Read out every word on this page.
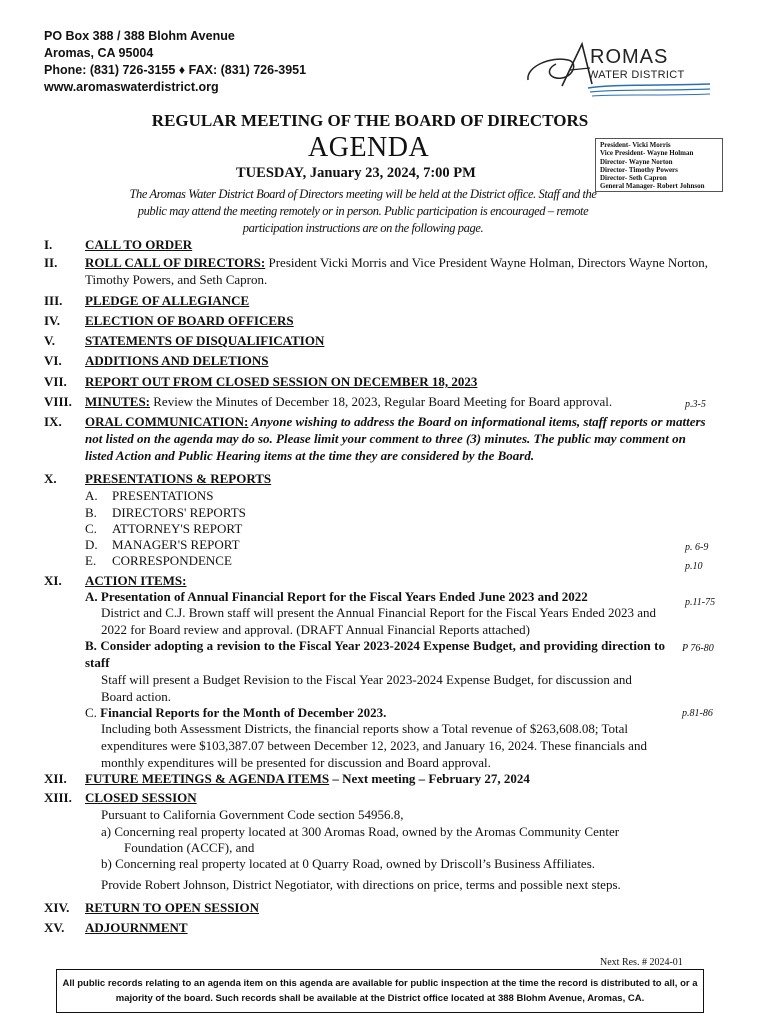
PO Box 388 / 388 Blohm Avenue
Aromas, CA 95004
Phone: (831) 726-3155 ♦ FAX: (831) 726-3951
www.aromaswaterdistrict.org
ROMAS
WATER DISTRICT
REGULAR MEETING OF THE BOARD OF DIRECTORS
AGENDA
TUESDAY, January 23, 2024, 7:00 PM
President- Vicki Morris
Vice President- Wayne Holman
Director- Wayne Norton
Director- Timothy Powers
Director- Seth Capron
General Manager- Robert Johnson
The Aromas Water District Board of Directors meeting will be held at the District office. Staff and the public may attend the meeting remotely or in person. Public participation is encouraged – remote participation instructions are on the following page.
I.	CALL TO ORDER
II. ROLL CALL OF DIRECTORS: President Vicki Morris and Vice President Wayne Holman, Directors Wayne Norton, Timothy Powers, and Seth Capron.
III. PLEDGE OF ALLEGIANCE
IV. ELECTION OF BOARD OFFICERS
V. STATEMENTS OF DISQUALIFICATION
VI. ADDITIONS AND DELETIONS
VII. REPORT OUT FROM CLOSED SESSION ON DECEMBER 18, 2023
VIII. MINUTES: Review the Minutes of December 18, 2023, Regular Board Meeting for Board approval.	p.3-5
IX. ORAL COMMUNICATION: Anyone wishing to address the Board on informational items, staff reports or matters not listed on the agenda may do so. Please limit your comment to three (3) minutes. The public may comment on listed Action and Public Hearing items at the time they are considered by the Board.
X. PRESENTATIONS & REPORTS
A. PRESENTATIONS
B. DIRECTORS' REPORTS
C. ATTORNEY'S REPORT
D. MANAGER'S REPORT
E. CORRESPONDENCE
p. 6-9
p.10
XI. ACTION ITEMS:
A. Presentation of Annual Financial Report for the Fiscal Years Ended June 2023 and 2022
District and C.J. Brown staff will present the Annual Financial Report for the Fiscal Years Ended 2023 and 2022 for Board review and approval. (DRAFT Annual Financial Reports attached)
p.11-75
B. Consider adopting a revision to the Fiscal Year 2023-2024 Expense Budget, and providing direction to staff
Staff will present a Budget Revision to the Fiscal Year 2023-2024 Expense Budget, for discussion and Board action.
P 76-80
C. Financial Reports for the Month of December 2023.
Including both Assessment Districts, the financial reports show a Total revenue of $263,608.08; Total expenditures were $103,387.07 between December 12, 2023, and January 16, 2024. These financials and monthly expenditures will be presented for discussion and Board approval.
p.81-86
XII. FUTURE MEETINGS & AGENDA ITEMS – Next meeting – February 27, 2024
XIII. CLOSED SESSION
Pursuant to California Government Code section 54956.8,
a) Concerning real property located at 300 Aromas Road, owned by the Aromas Community Center
Foundation (ACCF), and
b) Concerning real property located at 0 Quarry Road, owned by Driscoll’s Business Affiliates.
Provide Robert Johnson, District Negotiator, with directions on price, terms and possible next steps.
XIV. RETURN TO OPEN SESSION
XV. ADJOURNMENT
Next Res. # 2024-01
All public records relating to an agenda item on this agenda are available for public inspection at the time the record is distributed to all, or a majority of the board. Such records shall be available at the District office located at 388 Blohm Avenue, Aromas, CA.
